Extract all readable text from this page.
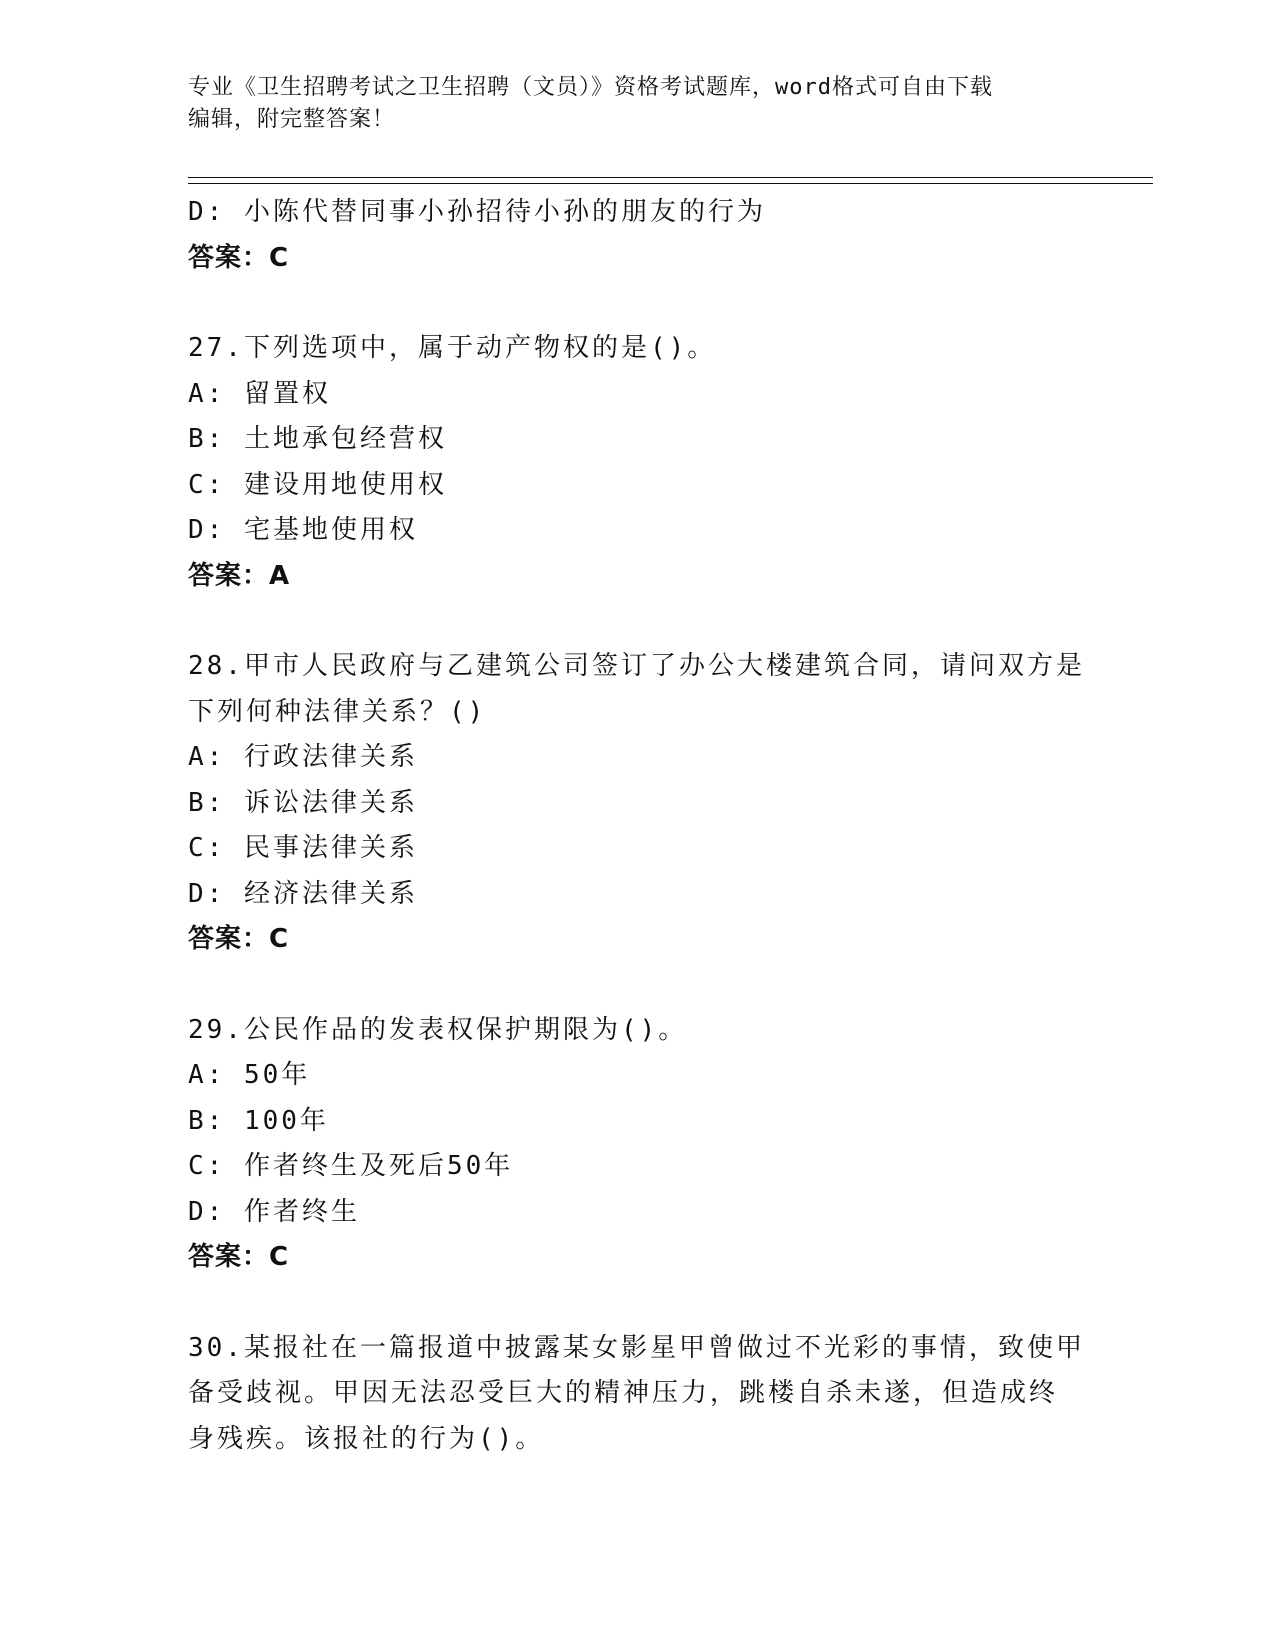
专业《卫生招聘考试之卫生招聘（文员）》资格考试题库，word格式可自由下载
编辑，附完整答案！
D: 小陈代替同事小孙招待小孙的朋友的行为
答案：C
27.下列选项中，属于动产物权的是()。
A: 留置权
B: 土地承包经营权
C: 建设用地使用权
D: 宅基地使用权
答案：A
28.甲市人民政府与乙建筑公司签订了办公大楼建筑合同，请问双方是
下列何种法律关系？()
A: 行政法律关系
B: 诉讼法律关系
C: 民事法律关系
D: 经济法律关系
答案：C
29.公民作品的发表权保护期限为()。
A: 50年
B: 100年
C: 作者终生及死后50年
D: 作者终生
答案：C
30.某报社在一篇报道中披露某女影星甲曾做过不光彩的事情，致使甲
备受歧视。甲因无法忍受巨大的精神压力，跳楼自杀未遂，但造成终
身残疾。该报社的行为()。
